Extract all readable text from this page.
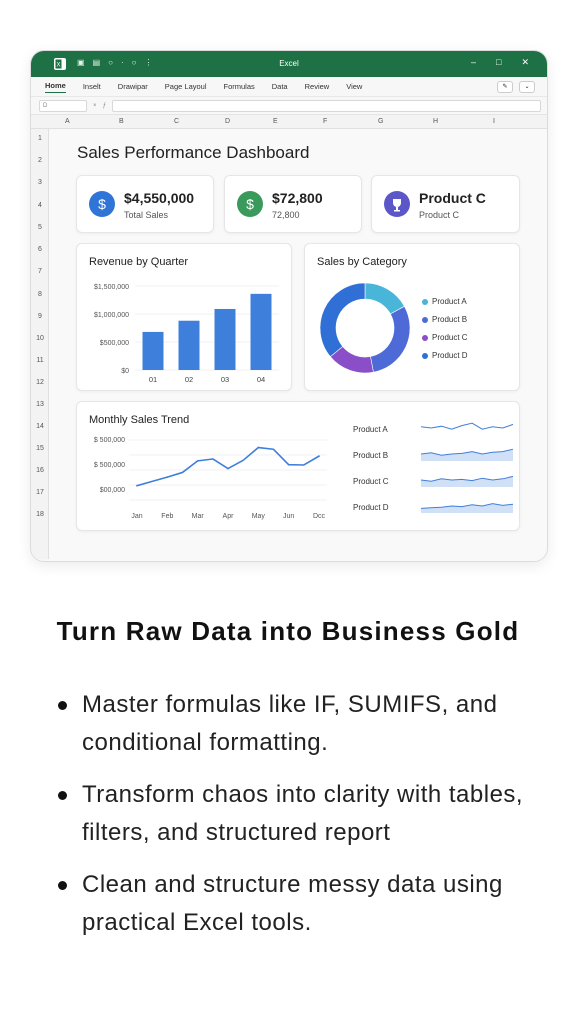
X ▣ ▤ ○ · ○ ⋮	Excel	– □ ✕
Home Inselt Drawipar Page Layoul Formulas Data Review View	✎	⌄
D	× ƒ
A	B	C	D	E	F	G	H	I
1
2
3
4
5
6
7
8
9
10
11
12
13
14
15
16
17
18
Sales Performance Dashboard
$	$4,550,000
Total Sales
$	$72,800
72,800
Product C
Product C
Revenue by Quarter
$0
$500,000
$1,000,000
$1,500,000
01	02	03	04
Sales by Category
Product A
Product B
Product C
Product D
Monthly Sales Trend
$00,000
$ 500,000
$ 500,000
Jan	Feb	Mar	Apr	May	Jun	Dcc
Product A
Product B
Product C
Product D
Turn Raw Data into Business Gold
Master formulas like IF, SUMIFS, and conditional formatting.
Transform chaos into clarity with tables, filters, and structured report
Clean and structure messy data using practical Excel tools.
